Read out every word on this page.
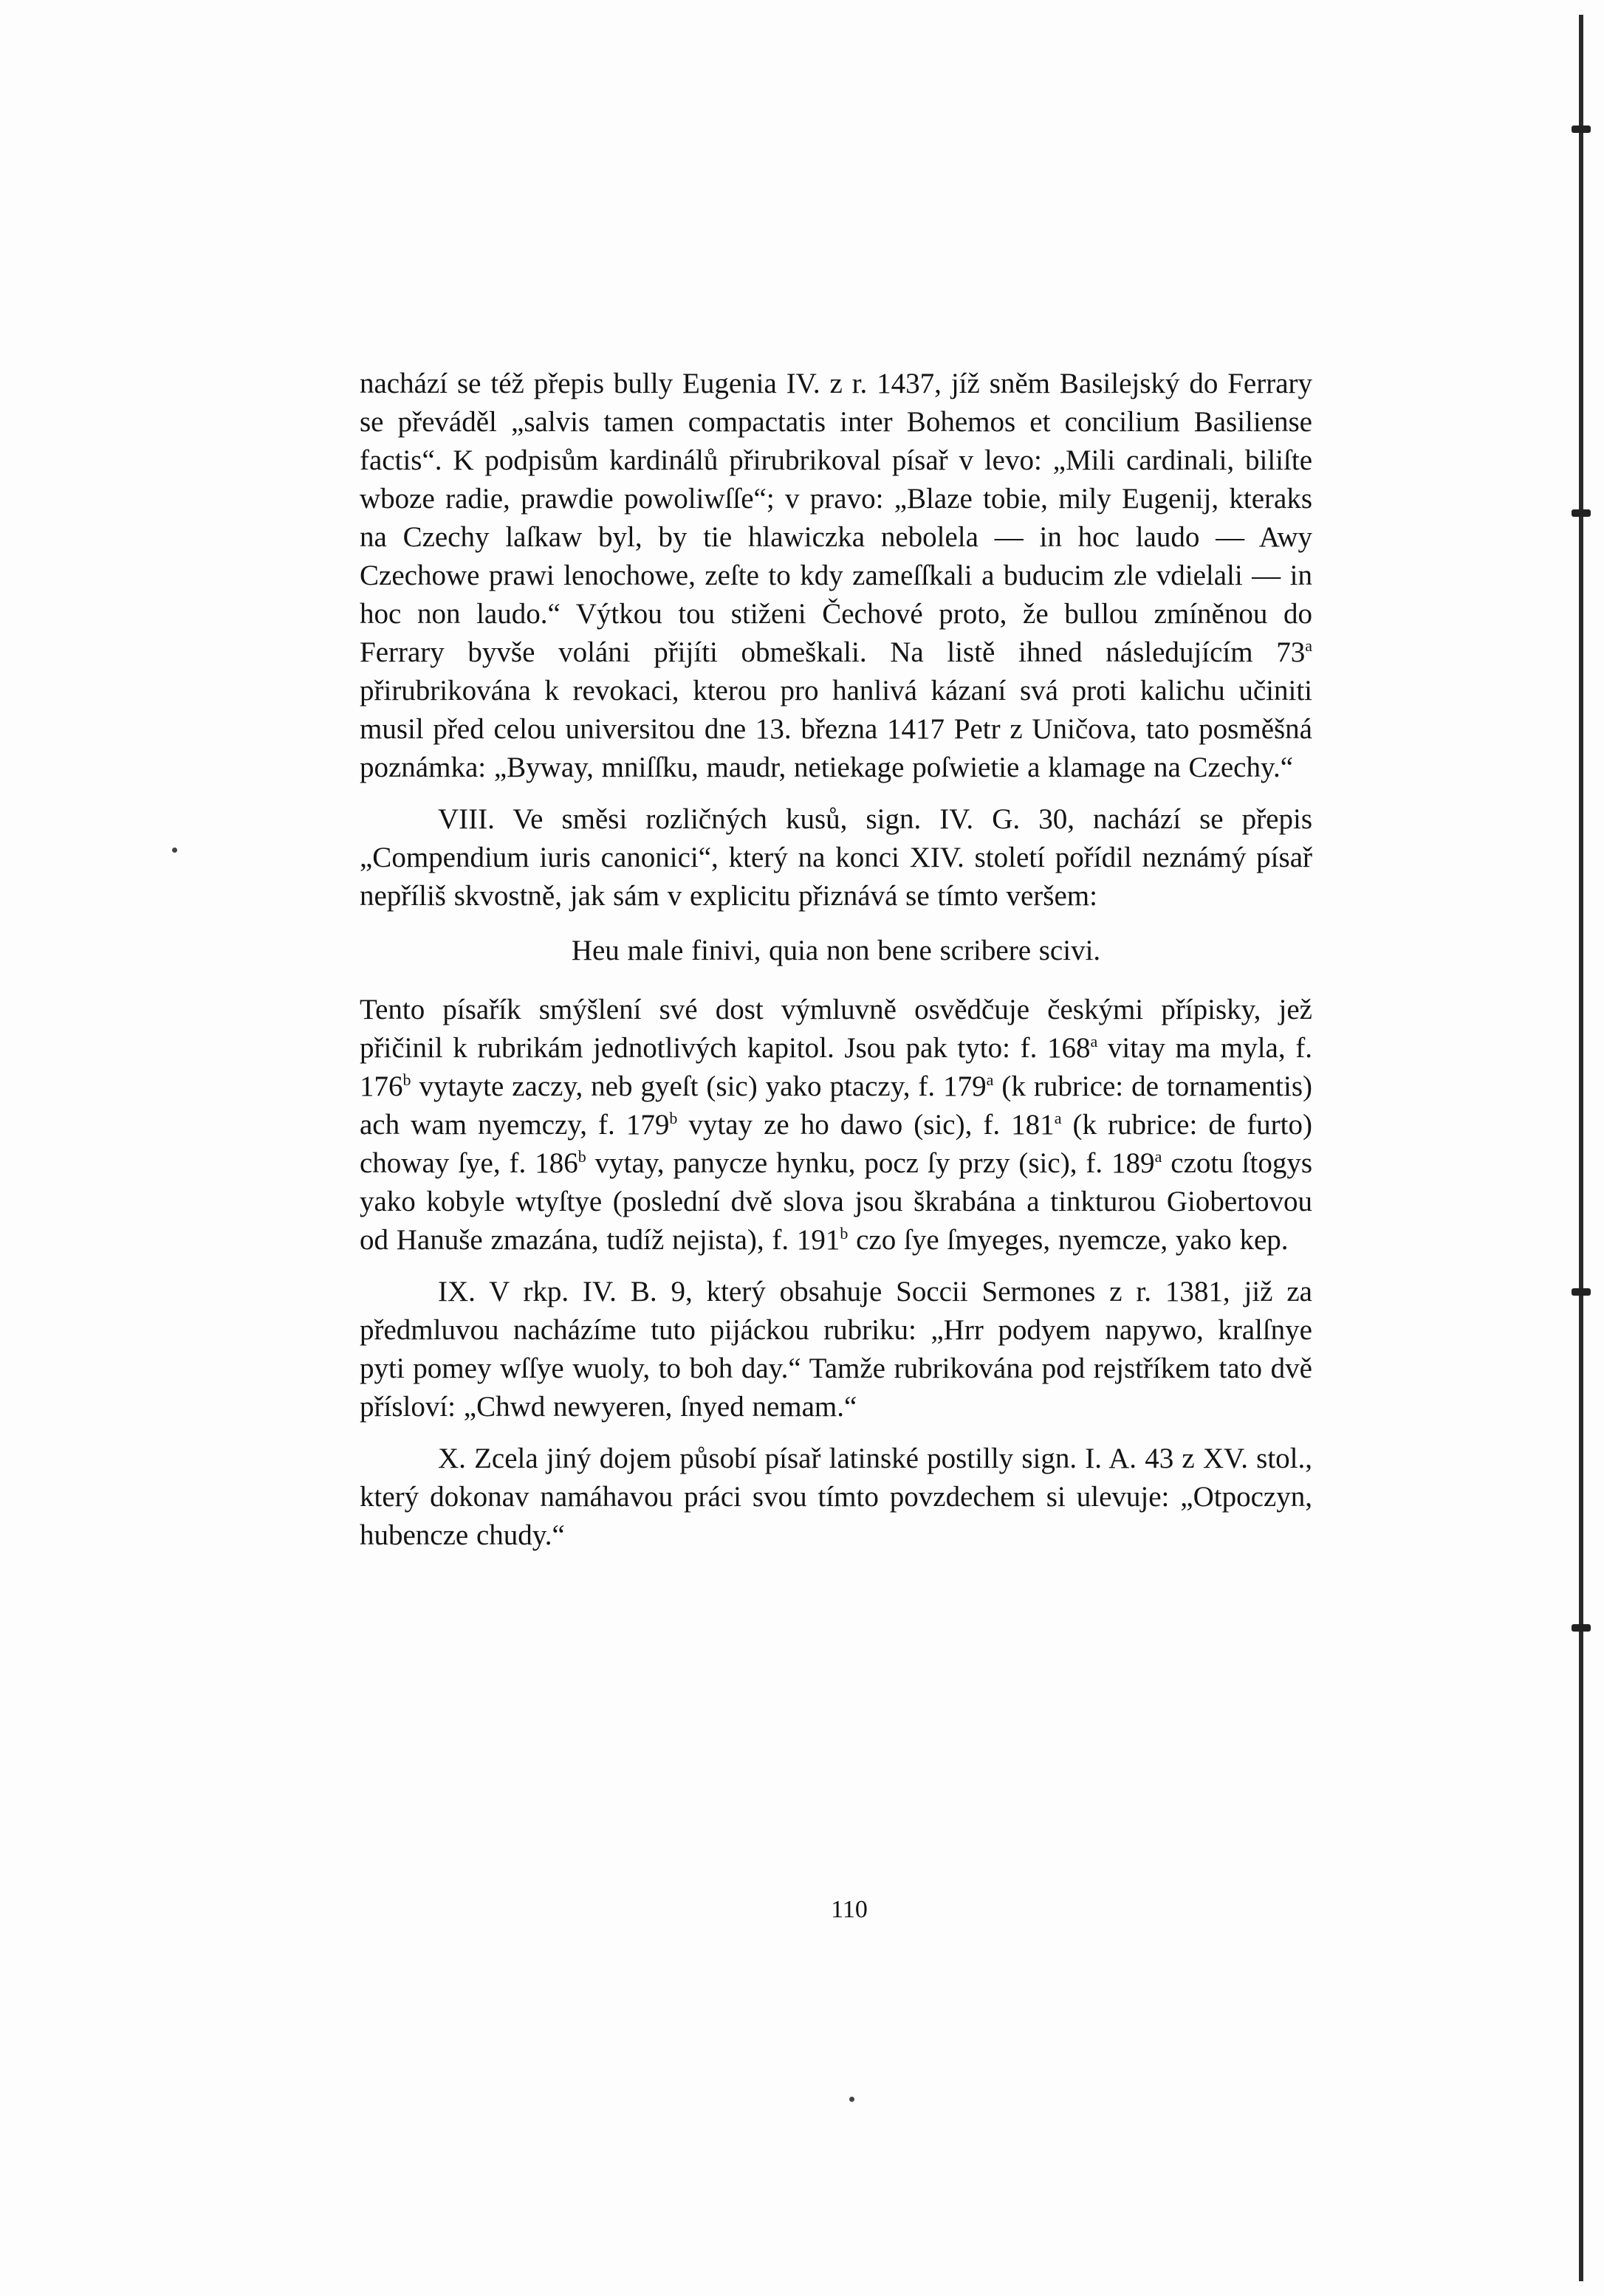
nachází se též přepis bully Eugenia IV. z r. 1437, jíž sněm Basilejský do Ferrary se převáděl „salvis tamen compactatis inter Bohemos et concilium Basiliense factis“. K podpisům kardinálů přirubrikoval písař v levo: „Mili cardinali, biliſte wboze radie, prawdie powoliwſſe“; v pravo: „Blaze tobie, mily Eugenij, kteraks na Czechy laſkaw byl, by tie hlawiczka nebolela — in hoc laudo — Awy Czechowe prawi lenochowe, zeſte to kdy zameſſkali a buducim zle vdielali — in hoc non laudo.“ Výtkou tou stiženi Čechové proto, že bullou zmíněnou do Ferrary byvše voláni přijíti obmeškali. Na listě ihned následujícím 73$^a$ přirubrikována k revokaci, kterou pro hanlivá kázaní svá proti kalichu učiniti musil před celou universitou dne 13. března 1417 Petr z Uničova, tato posměšná poznámka: „Byway, mniſſku, maudr, netiekage poſwietie a klamage na Czechy.“

VIII. Ve směsi rozličných kusů, sign. IV. G. 30, nachází se přepis „Compendium iuris canonici“, který na konci XIV. století pořídil neznámý písař nepříliš skvostně, jak sám v explicitu přiznává se tímto veršem:

Heu male finivi, quia non bene scribere scivi.

Tento písařík smýšlení své dost výmluvně osvědčuje českými přípisky, jež přičinil k rubrikám jednotlivých kapitol. Jsou pak tyto: f. 168$^a$ vitay ma myla, f. 176$^b$ vytayte zaczy, neb gyeſt (sic) yako ptaczy, f. 179$^a$ (k rubrice: de tornamentis) ach wam nyemczy, f. 179$^b$ vytay ze ho dawo (sic), f. 181$^a$ (k rubrice: de furto) choway ſye, f. 186$^b$ vytay, panycze hynku, pocz ſy przy (sic), f. 189$^a$ czotu ſtogys yako kobyle wtyſtye (poslední dvě slova jsou škrabána a tinkturou Giobertovou od Hanuše zmazána, tudíž nejista), f. 191$^b$ czo ſye ſmyeges, nyemcze, yako kep.

IX. V rkp. IV. B. 9, který obsahuje Soccii Sermones z r. 1381, již za předmluvou nacházíme tuto pijáckou rubriku: „Hrr podyem napywo, kralſnye pyti pomey wſſye wuoly, to boh day.“ Tamže rubrikována pod rejstříkem tato dvě přísloví: „Chwd newyeren, ſnyed nemam.“

X. Zcela jiný dojem působí písař latinské postilly sign. I. A. 43 z XV. stol., který dokonav namáhavou práci svou tímto povzdechem si ulevuje: „Otpoczyn, hubencze chudy.“

110
